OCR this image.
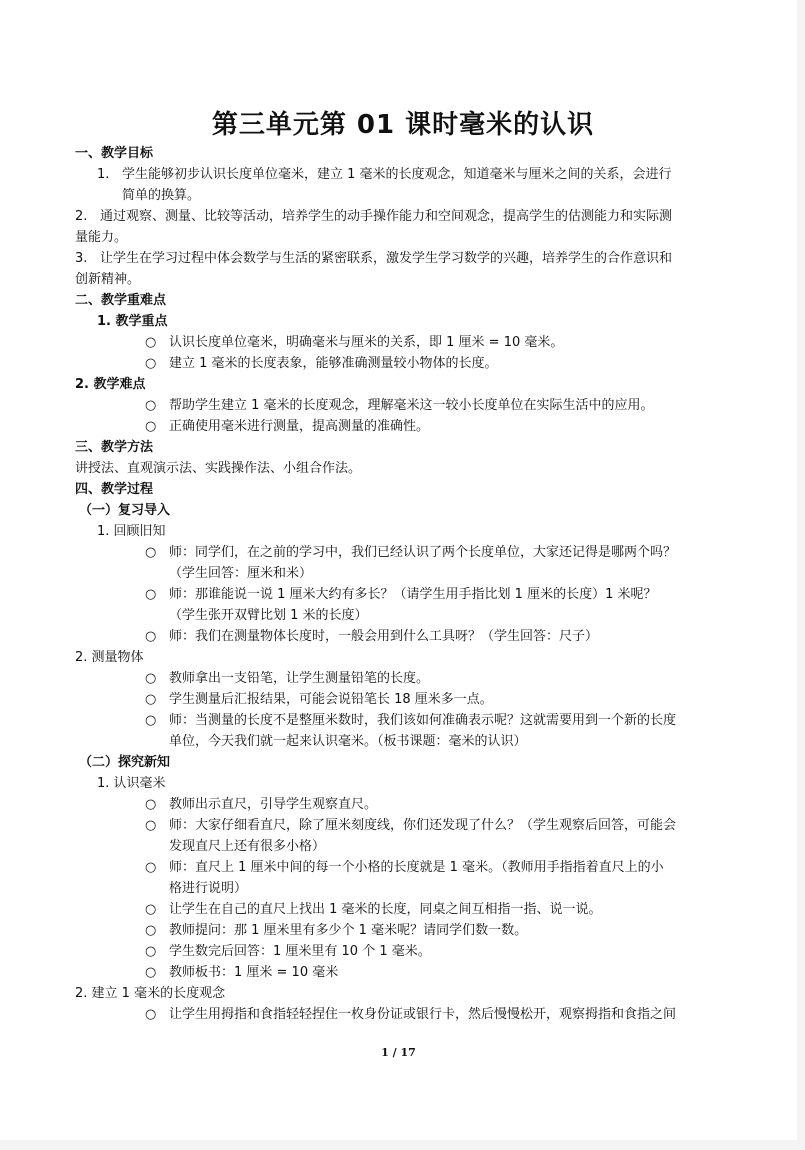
第三单元第 01 课时毫米的认识
一、教学目标
1. 学生能够初步认识长度单位毫米，建立 1 毫米的长度观念，知道毫米与厘米之间的关系，会进行
简单的换算。
2. 通过观察、测量、比较等活动，培养学生的动手操作能力和空间观念，提高学生的估测能力和实际测
量能力。
3. 让学生在学习过程中体会数学与生活的紧密联系，激发学生学习数学的兴趣，培养学生的合作意识和
创新精神。
二、教学重难点
1. 教学重点
○ 认识长度单位毫米，明确毫米与厘米的关系，即 1 厘米 = 10 毫米。
○ 建立 1 毫米的长度表象，能够准确测量较小物体的长度。
2. 教学难点
○ 帮助学生建立 1 毫米的长度观念，理解毫米这一较小长度单位在实际生活中的应用。
○ 正确使用毫米进行测量，提高测量的准确性。
三、教学方法
讲授法、直观演示法、实践操作法、小组合作法。
四、教学过程
（一）复习导入
1. 回顾旧知
○ 师：同学们，在之前的学习中，我们已经认识了两个长度单位，大家还记得是哪两个吗？
（学生回答：厘米和米）
○ 师：那谁能说一说 1 厘米大约有多长？（请学生用手指比划 1 厘米的长度）1 米呢？
（学生张开双臂比划 1 米的长度）
○ 师：我们在测量物体长度时，一般会用到什么工具呀？（学生回答：尺子）
2. 测量物体
○ 教师拿出一支铅笔，让学生测量铅笔的长度。
○ 学生测量后汇报结果，可能会说铅笔长 18 厘米多一点。
○ 师：当测量的长度不是整厘米数时，我们该如何准确表示呢？这就需要用到一个新的长度
单位，今天我们就一起来认识毫米。（板书课题：毫米的认识）
（二）探究新知
1. 认识毫米
○ 教师出示直尺，引导学生观察直尺。
○ 师：大家仔细看直尺，除了厘米刻度线，你们还发现了什么？（学生观察后回答，可能会
发现直尺上还有很多小格）
○ 师：直尺上 1 厘米中间的每一个小格的长度就是 1 毫米。（教师用手指指着直尺上的小
格进行说明）
○ 让学生在自己的直尺上找出 1 毫米的长度，同桌之间互相指一指、说一说。
○ 教师提问：那 1 厘米里有多少个 1 毫米呢？请同学们数一数。
○ 学生数完后回答：1 厘米里有 10 个 1 毫米。
○ 教师板书：1 厘米 = 10 毫米
2. 建立 1 毫米的长度观念
○ 让学生用拇指和食指轻轻捏住一枚身份证或银行卡，然后慢慢松开，观察拇指和食指之间
1 / 17
